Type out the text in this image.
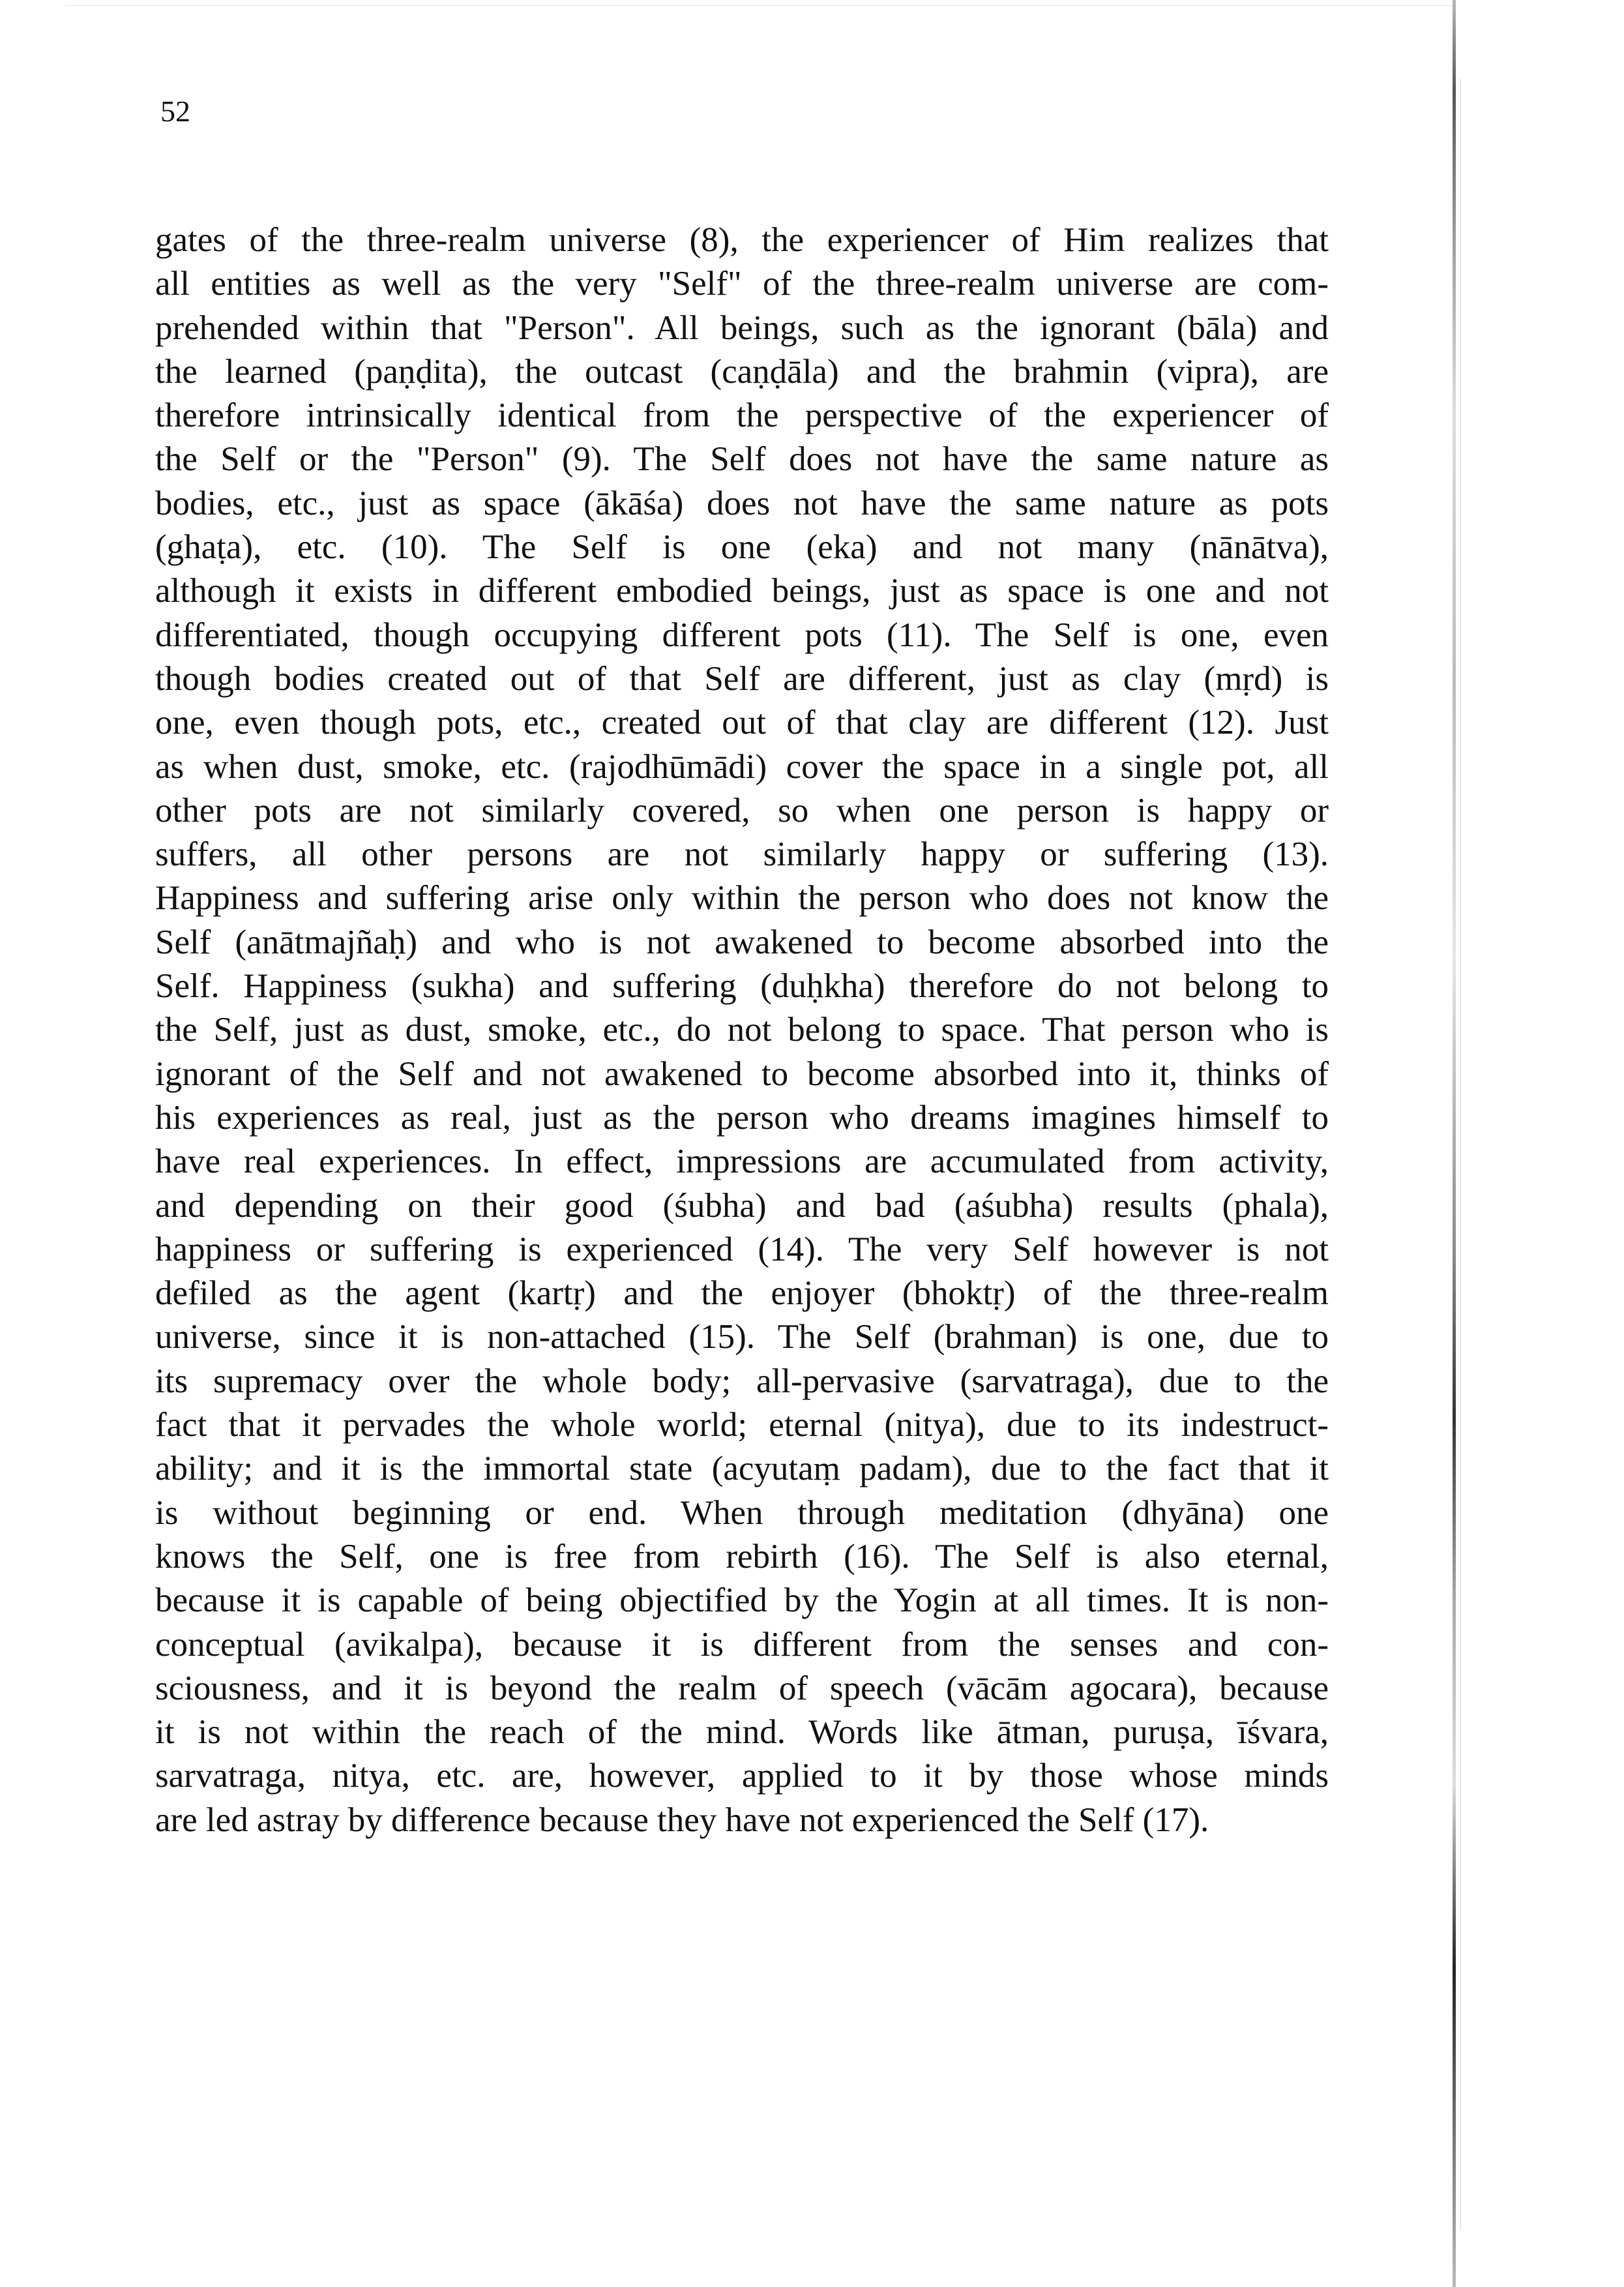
52
gates of the three-realm universe (8), the experiencer of Him realizes that
all entities as well as the very "Self" of the three-realm universe are com-
prehended within that "Person". All beings, such as the ignorant (bāla) and
the learned (paṇḍita), the outcast (caṇḍāla) and the brahmin (vipra), are
therefore intrinsically identical from the perspective of the experiencer of
the Self or the "Person" (9). The Self does not have the same nature as
bodies, etc., just as space (ākāśa) does not have the same nature as pots
(ghaṭa), etc. (10). The Self is one (eka) and not many (nānātva),
although it exists in different embodied beings, just as space is one and not
differentiated, though occupying different pots (11). The Self is one, even
though bodies created out of that Self are different, just as clay (mṛd) is
one, even though pots, etc., created out of that clay are different (12). Just
as when dust, smoke, etc. (rajodhūmādi) cover the space in a single pot, all
other pots are not similarly covered, so when one person is happy or
suffers, all other persons are not similarly happy or suffering (13).
Happiness and suffering arise only within the person who does not know the
Self (anātmajñaḥ) and who is not awakened to become absorbed into the
Self. Happiness (sukha) and suffering (duḥkha) therefore do not belong to
the Self, just as dust, smoke, etc., do not belong to space. That person who is
ignorant of the Self and not awakened to become absorbed into it, thinks of
his experiences as real, just as the person who dreams imagines himself to
have real experiences. In effect, impressions are accumulated from activity,
and depending on their good (śubha) and bad (aśubha) results (phala),
happiness or suffering is experienced (14). The very Self however is not
defiled as the agent (kartṛ) and the enjoyer (bhoktṛ) of the three-realm
universe, since it is non-attached (15). The Self (brahman) is one, due to
its supremacy over the whole body; all-pervasive (sarvatraga), due to the
fact that it pervades the whole world; eternal (nitya), due to its indestruct-
ability; and it is the immortal state (acyutaṃ padam), due to the fact that it
is without beginning or end. When through meditation (dhyāna) one
knows the Self, one is free from rebirth (16). The Self is also eternal,
because it is capable of being objectified by the Yogin at all times. It is non-
conceptual (avikalpa), because it is different from the senses and con-
sciousness, and it is beyond the realm of speech (vācām agocara), because
it is not within the reach of the mind. Words like ātman, puruṣa, īśvara,
sarvatraga, nitya, etc. are, however, applied to it by those whose minds
are led astray by difference because they have not experienced the Self (17).
